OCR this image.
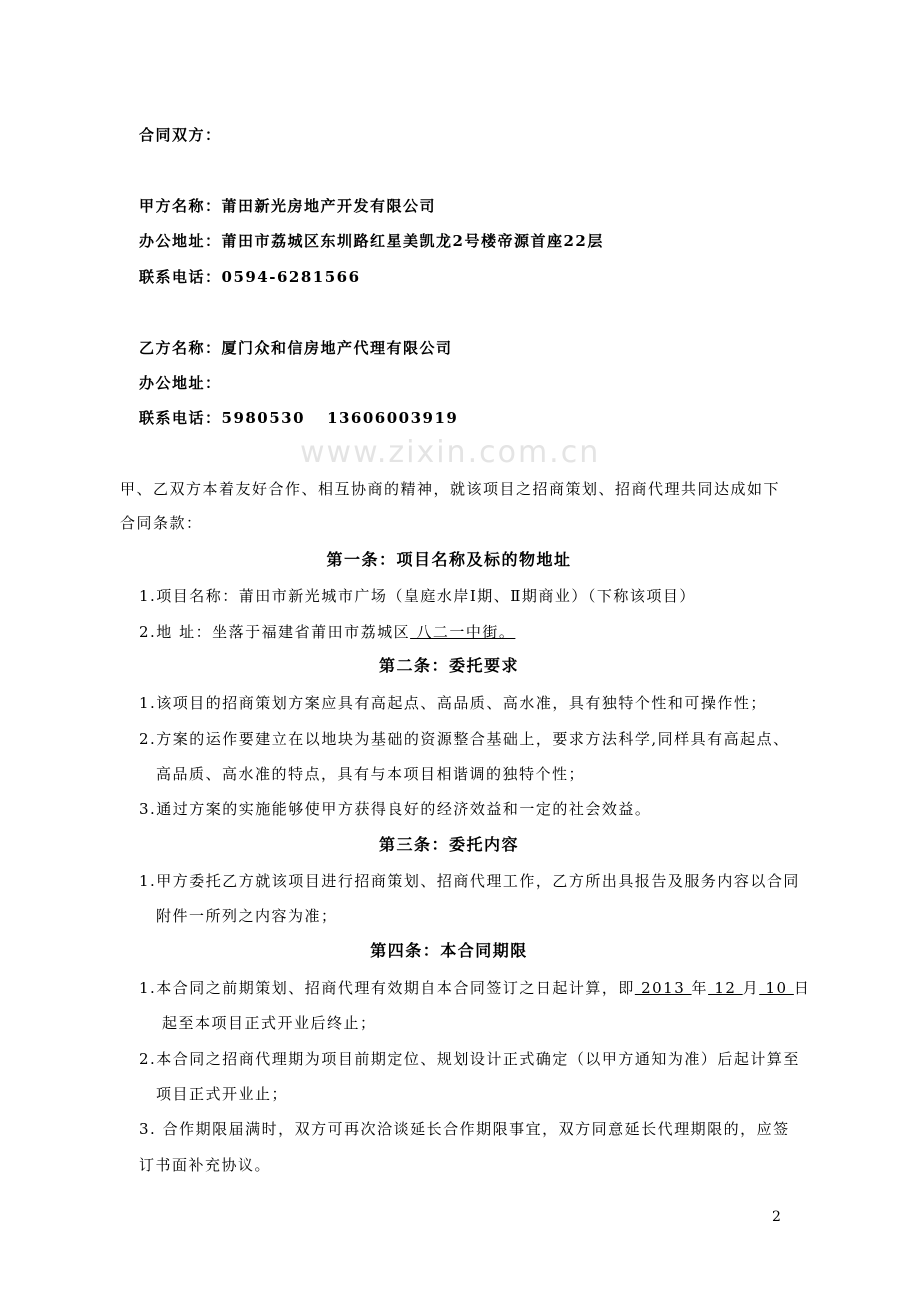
www.zixin.com.cn
合同双方：
甲方名称：莆田新光房地产开发有限公司
办公地址：莆田市荔城区东圳路红星美凯龙2号楼帝源首座22层
联系电话：0594-6281566
乙方名称：厦门众和信房地产代理有限公司
办公地址：
联系电话：5980530 13606003919
甲、乙双方本着友好合作、相互协商的精神，就该项目之招商策划、招商代理共同达成如下
合同条款：
第一条：项目名称及标的物地址
1.项目名称：莆田市新光城市广场（皇庭水岸Ⅰ期、Ⅱ期商业）（下称该项目）
2.地 址：坐落于福建省莆田市荔城区 八二一中街。
第二条：委托要求
1.该项目的招商策划方案应具有高起点、高品质、高水准，具有独特个性和可操作性；
2.方案的运作要建立在以地块为基础的资源整合基础上，要求方法科学,同样具有高起点、
高品质、高水准的特点，具有与本项目相谐调的独特个性；
3.通过方案的实施能够使甲方获得良好的经济效益和一定的社会效益。
第三条：委托内容
1.甲方委托乙方就该项目进行招商策划、招商代理工作，乙方所出具报告及服务内容以合同
附件一所列之内容为准；
第四条：本合同期限
1.本合同之前期策划、招商代理有效期自本合同签订之日起计算，即 2013 年 12 月 10 日
起至本项目正式开业后终止；
2.本合同之招商代理期为项目前期定位、规划设计正式确定（以甲方通知为准）后起计算至
项目正式开业止；
3. 合作期限届满时，双方可再次洽谈延长合作期限事宜，双方同意延长代理期限的，应签
订书面补充协议。
2
